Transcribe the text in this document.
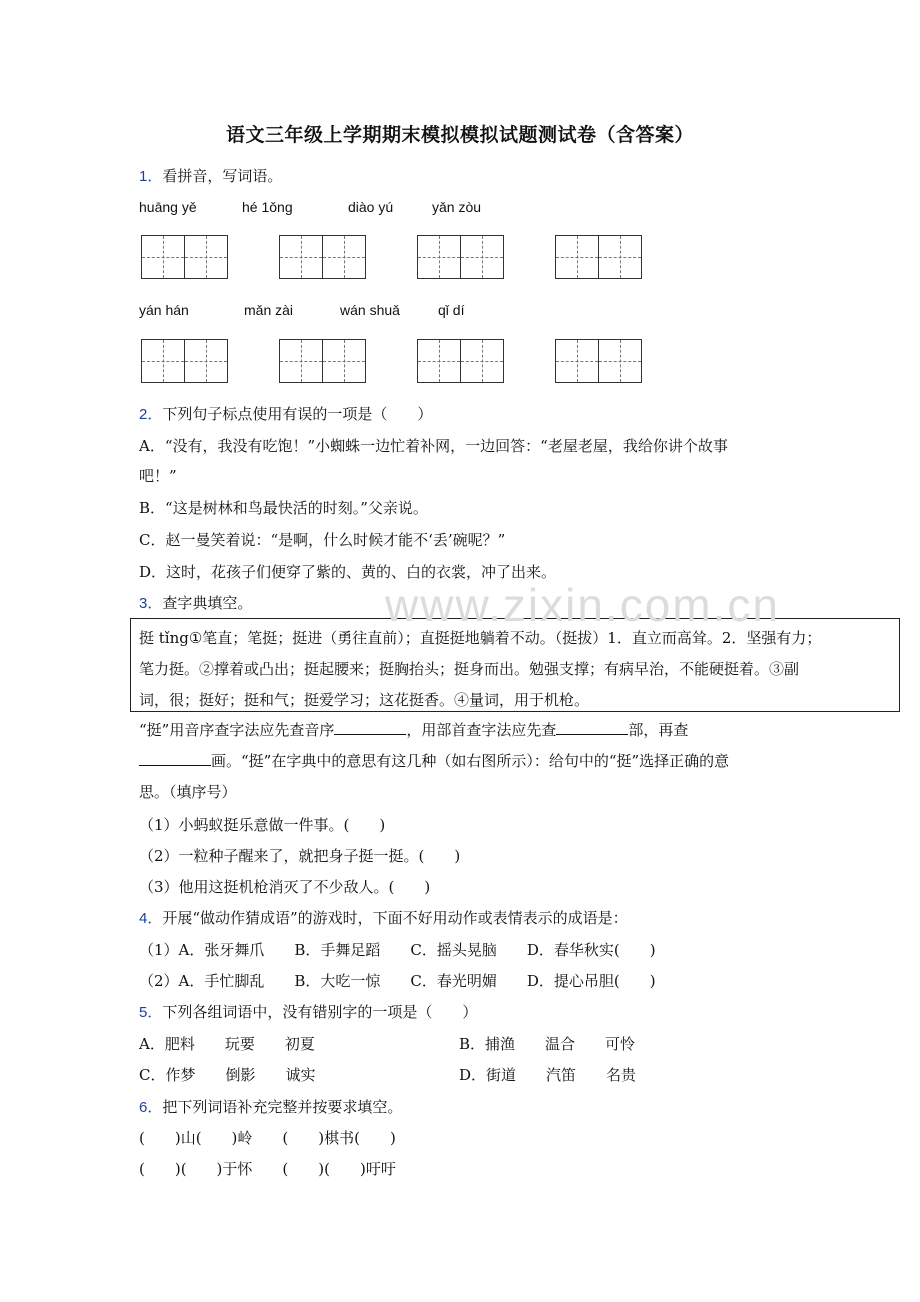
语文三年级上学期期末模拟模拟试题测试卷（含答案）
1．看拼音，写词语。
huāng yě	hé 1ǒng	diào yú	yǎn zòu
yán hán	mǎn zài	wán shuǎ	qǐ dí
2．下列句子标点使用有误的一项是（　　）
A．“没有，我没有吃饱！”小蜘蛛一边忙着补网，一边回答：“老屋老屋，我给你讲个故事
吧！”
B．“这是树林和鸟最快活的时刻。”父亲说。
C．赵一曼笑着说：“是啊，什么时候才能不‘丢’碗呢？”
D．这时，花孩子们便穿了紫的、黄的、白的衣裳，冲了出来。
3．查字典填空。
挺 tǐng①笔直；笔挺；挺进（勇往直前）；直挺挺地躺着不动。（挺拔）1．直立而高耸。2．坚强有力；
笔力挺。②撑着或凸出；挺起腰来；挺胸抬头；挺身而出。勉强支撑；有病早治，不能硬挺着。③副
词，很；挺好；挺和气；挺爱学习；这花挺香。④量词，用于机枪。
www.zixin.com.cn
“挺”用音序查字法应先查音序	，用部首查字法应先查	部，再查
画。“挺”在字典中的意思有这几种（如右图所示）：给句中的“挺”选择正确的意
思。（填序号）
（1）小蚂蚁挺乐意做一件事。(　　)
（2）一粒种子醒来了，就把身子挺一挺。(　　)
（3）他用这挺机枪消灭了不少敌人。(　　)
4．开展“做动作猜成语”的游戏时，下面不好用动作或表情表示的成语是：
（1）A．张牙舞爪　　B．手舞足蹈　　C．摇头晃脑　　D．春华秋实(　　)
（2）A．手忙脚乱　　B．大吃一惊　　C．春光明媚　　D．提心吊胆(　　)
5．下列各组词语中，没有错别字的一项是（　　）
A．肥料　　玩要　　初夏	B．捕渔　　温合　　可怜
C．作梦　　倒影　　诚实	D．街道　　汽笛　　名贵
6．把下列词语补充完整并按要求填空。
(　　)山(　　)岭　　(　　)棋书(　　)
(　　)(　　)于怀　　(　　)(　　)吁吁
